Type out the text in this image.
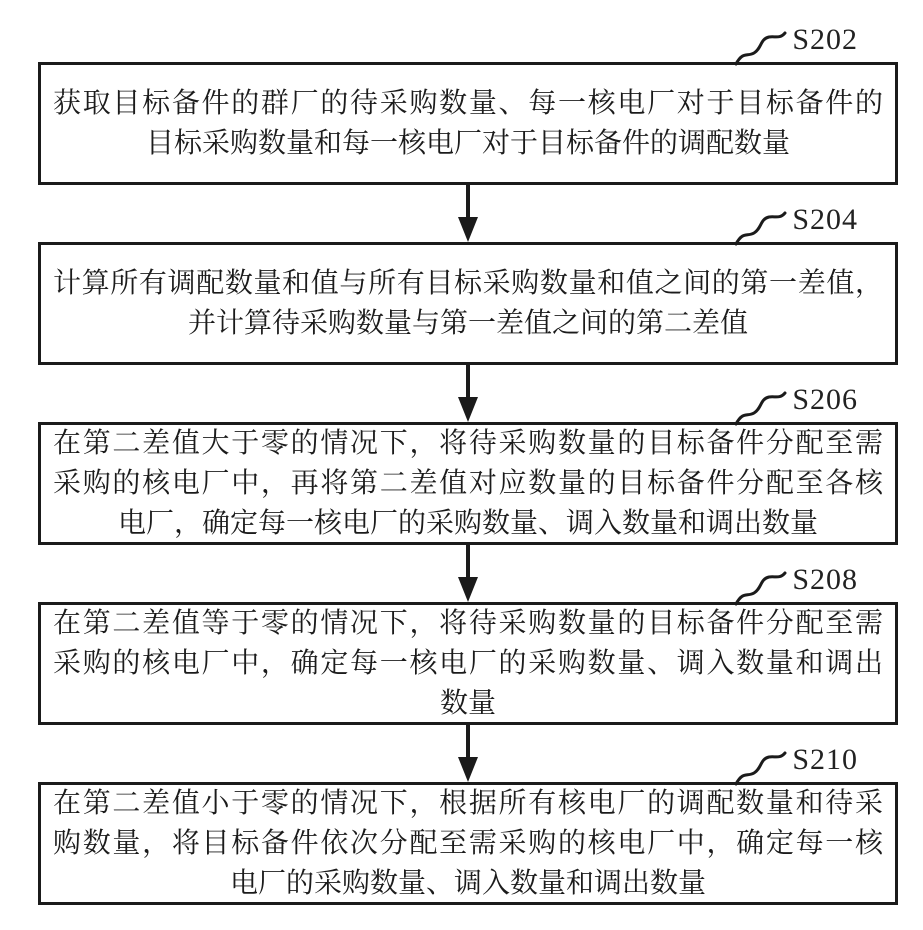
S202
获取目标备件的群厂的待采购数量、每一核电厂对于目标备件的
目标采购数量和每一核电厂对于目标备件的调配数量
S204
计算所有调配数量和值与所有目标采购数量和值之间的第一差值，
并计算待采购数量与第一差值之间的第二差值
S206
在第二差值大于零的情况下，将待采购数量的目标备件分配至需
采购的核电厂中，再将第二差值对应数量的目标备件分配至各核
电厂，确定每一核电厂的采购数量、调入数量和调出数量
S208
在第二差值等于零的情况下，将待采购数量的目标备件分配至需
采购的核电厂中，确定每一核电厂的采购数量、调入数量和调出
数量
S210
在第二差值小于零的情况下，根据所有核电厂的调配数量和待采
购数量，将目标备件依次分配至需采购的核电厂中，确定每一核
电厂的采购数量、调入数量和调出数量
